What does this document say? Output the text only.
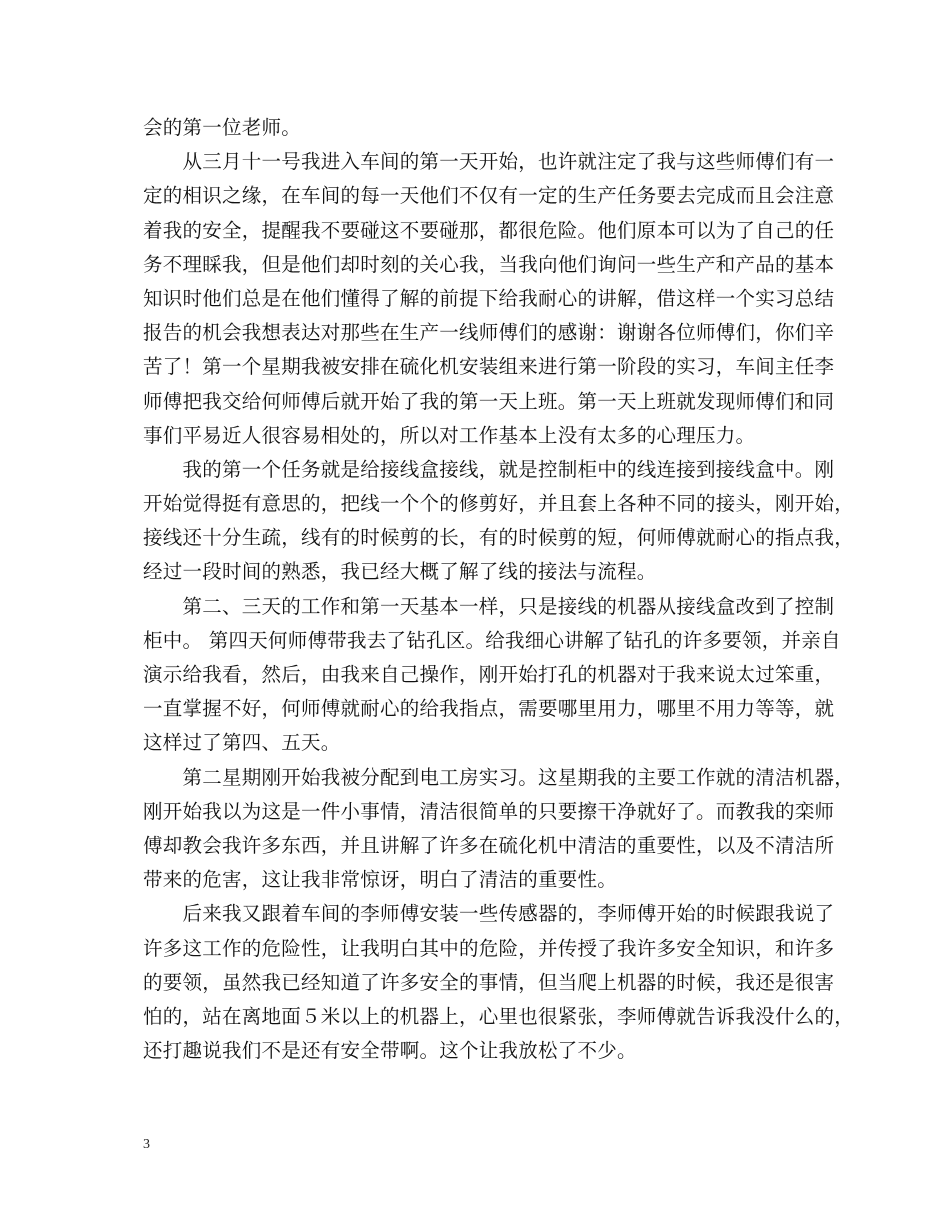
会的第一位老师。
　　从三月十一号我进入车间的第一天开始，也许就注定了我与这些师傅们有一
定的相识之缘，在车间的每一天他们不仅有一定的生产任务要去完成而且会注意
着我的安全，提醒我不要碰这不要碰那，都很危险。他们原本可以为了自己的任
务不理睬我，但是他们却时刻的关心我，当我向他们询问一些生产和产品的基本
知识时他们总是在他们懂得了解的前提下给我耐心的讲解，借这样一个实习总结
报告的机会我想表达对那些在生产一线师傅们的感谢：谢谢各位师傅们，你们辛
苦了！第一个星期我被安排在硫化机安装组来进行第一阶段的实习，车间主任李
师傅把我交给何师傅后就开始了我的第一天上班。第一天上班就发现师傅们和同
事们平易近人很容易相处的，所以对工作基本上没有太多的心理压力。
　　我的第一个任务就是给接线盒接线，就是控制柜中的线连接到接线盒中。刚
开始觉得挺有意思的，把线一个个的修剪好，并且套上各种不同的接头，刚开始，
接线还十分生疏，线有的时候剪的长，有的时候剪的短，何师傅就耐心的指点我，
经过一段时间的熟悉，我已经大概了解了线的接法与流程。
　　第二、三天的工作和第一天基本一样，只是接线的机器从接线盒改到了控制
柜中。 第四天何师傅带我去了钻孔区。给我细心讲解了钻孔的许多要领，并亲自
演示给我看，然后，由我来自己操作，刚开始打孔的机器对于我来说太过笨重，
一直掌握不好，何师傅就耐心的给我指点，需要哪里用力，哪里不用力等等，就
这样过了第四、五天。
　　第二星期刚开始我被分配到电工房实习。这星期我的主要工作就的清洁机器，
刚开始我以为这是一件小事情，清洁很简单的只要擦干净就好了。而教我的栾师
傅却教会我许多东西，并且讲解了许多在硫化机中清洁的重要性，以及不清洁所
带来的危害，这让我非常惊讶，明白了清洁的重要性。
　　后来我又跟着车间的李师傅安装一些传感器的，李师傅开始的时候跟我说了
许多这工作的危险性，让我明白其中的危险，并传授了我许多安全知识，和许多
的要领，虽然我已经知道了许多安全的事情，但当爬上机器的时候，我还是很害
怕的，站在离地面５米以上的机器上，心里也很紧张，李师傅就告诉我没什么的，
还打趣说我们不是还有安全带啊。这个让我放松了不少。
3
